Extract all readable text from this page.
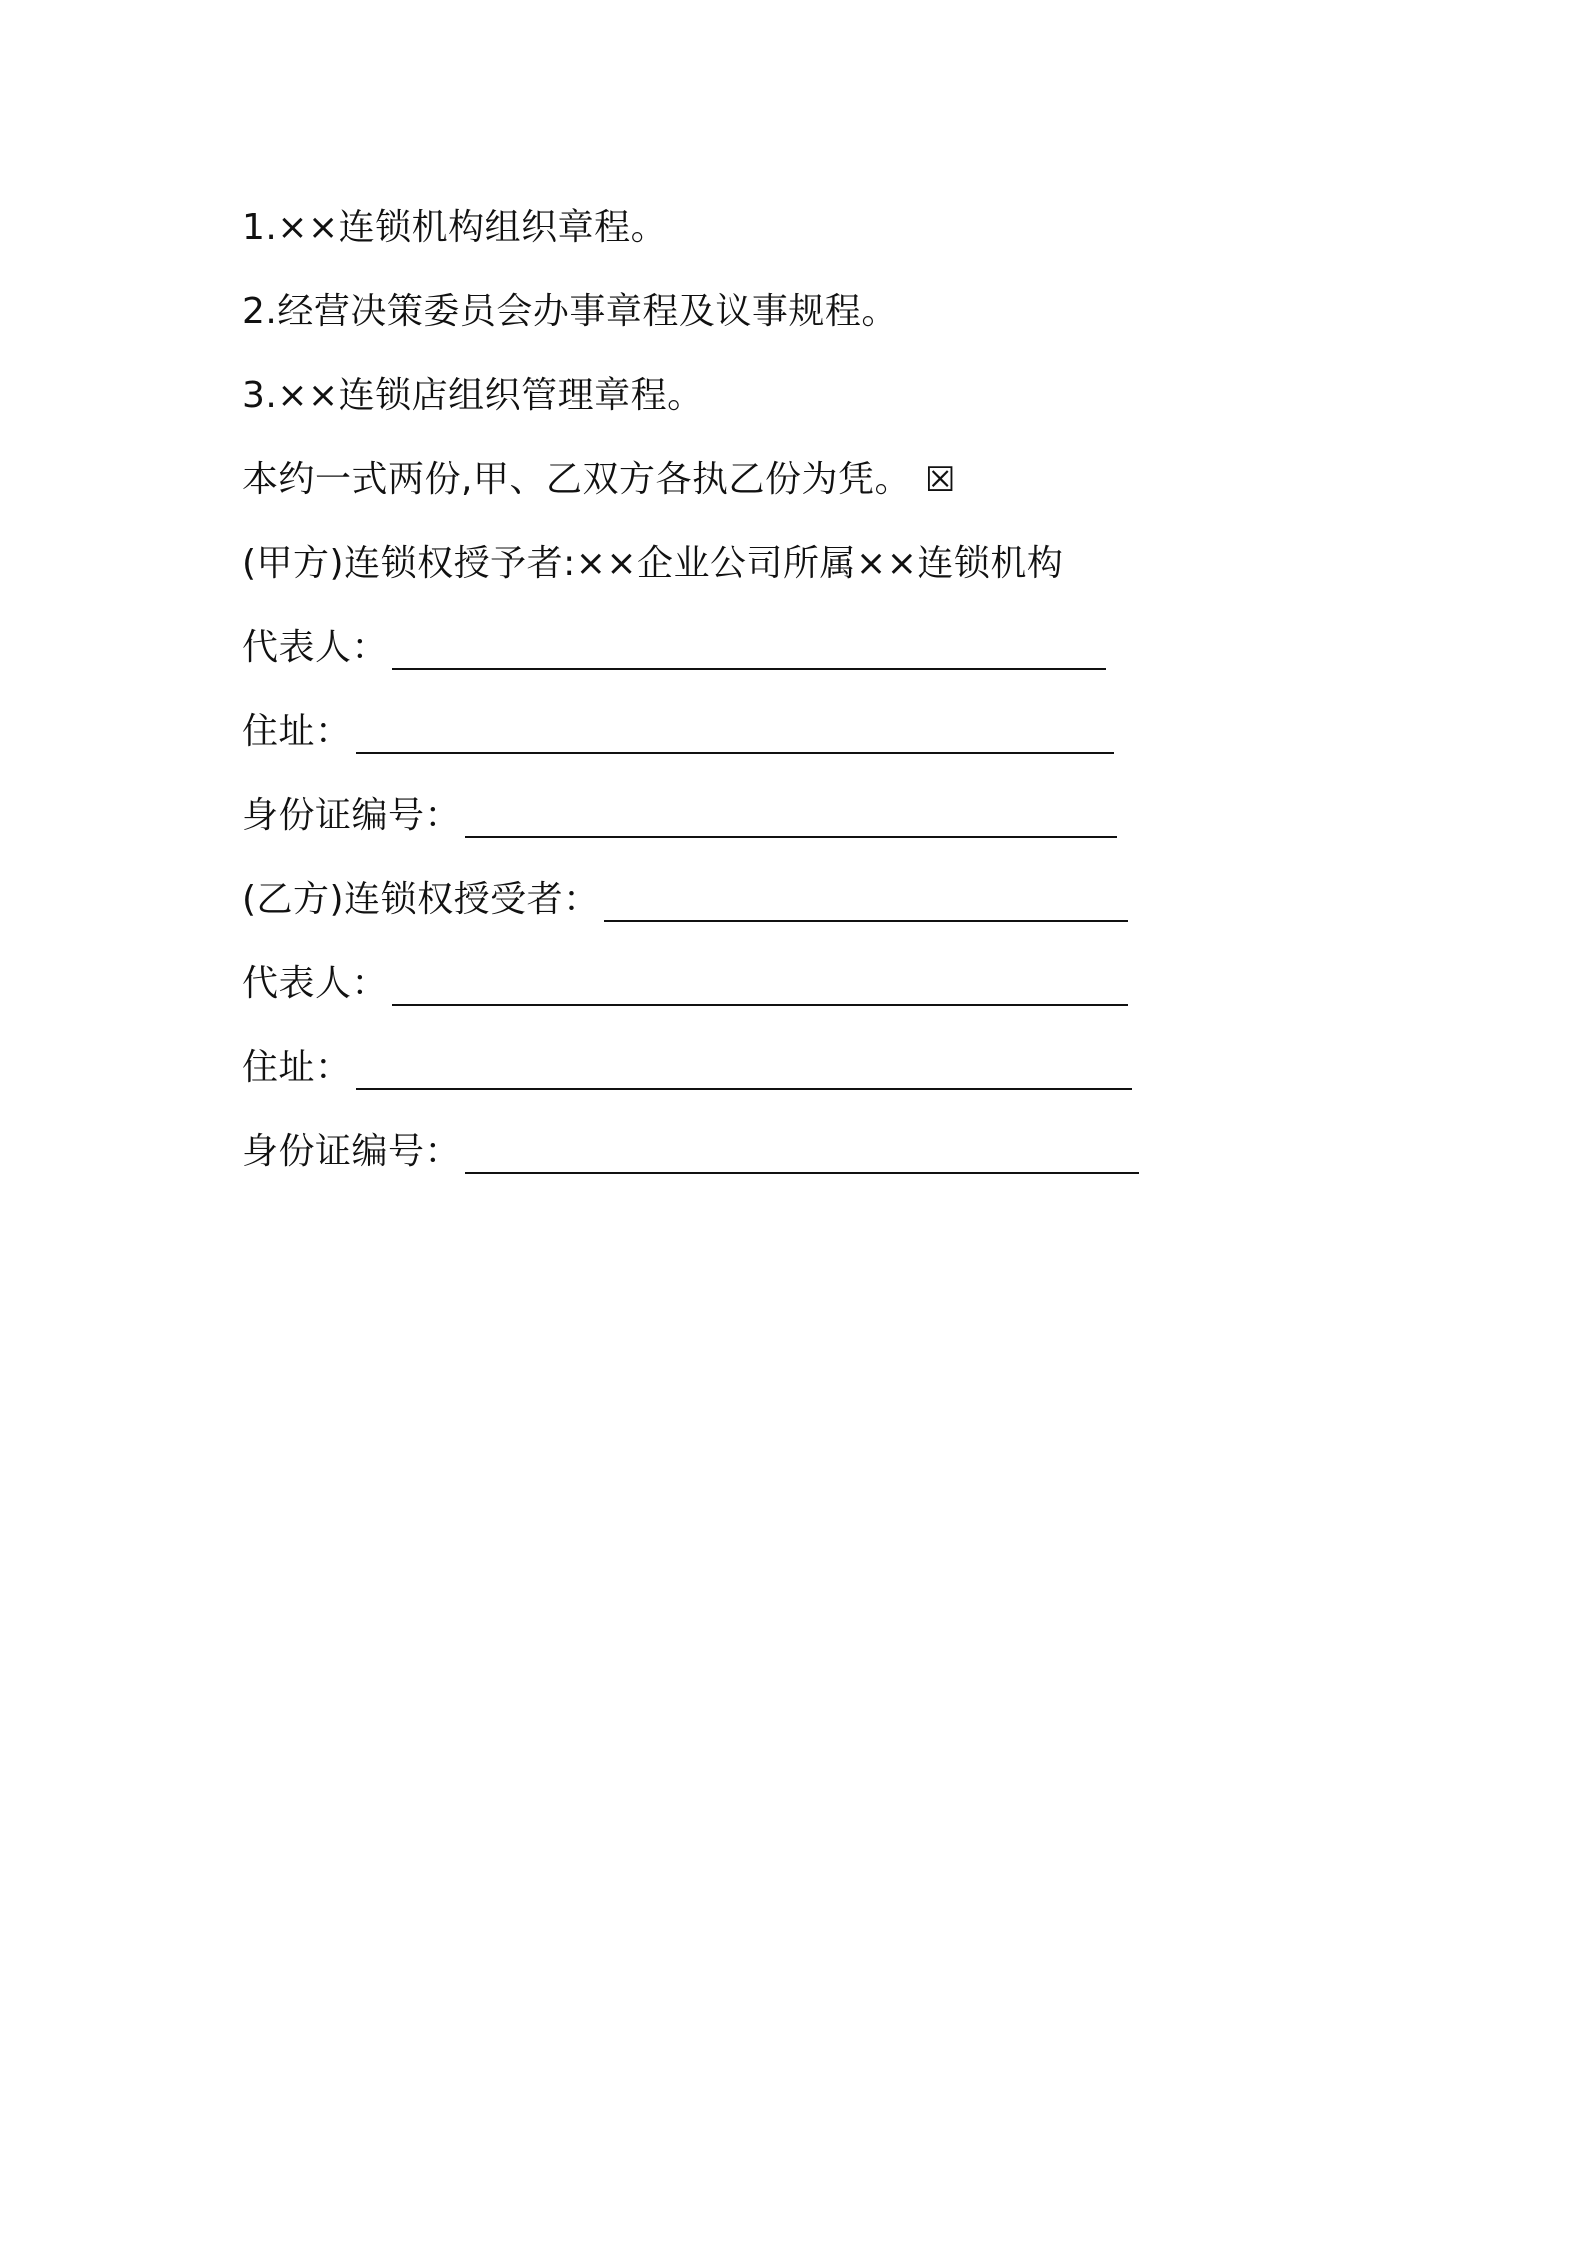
1.××连锁机构组织章程。
2.经营决策委员会办事章程及议事规程。
3.××连锁店组织管理章程。
本约一式两份,甲、乙双方各执乙份为凭。 ☒
(甲方)连锁权授予者:××企业公司所属××连锁机构
代表人：
住址：
身份证编号：
(乙方)连锁权授受者：
代表人：
住址：
身份证编号：
